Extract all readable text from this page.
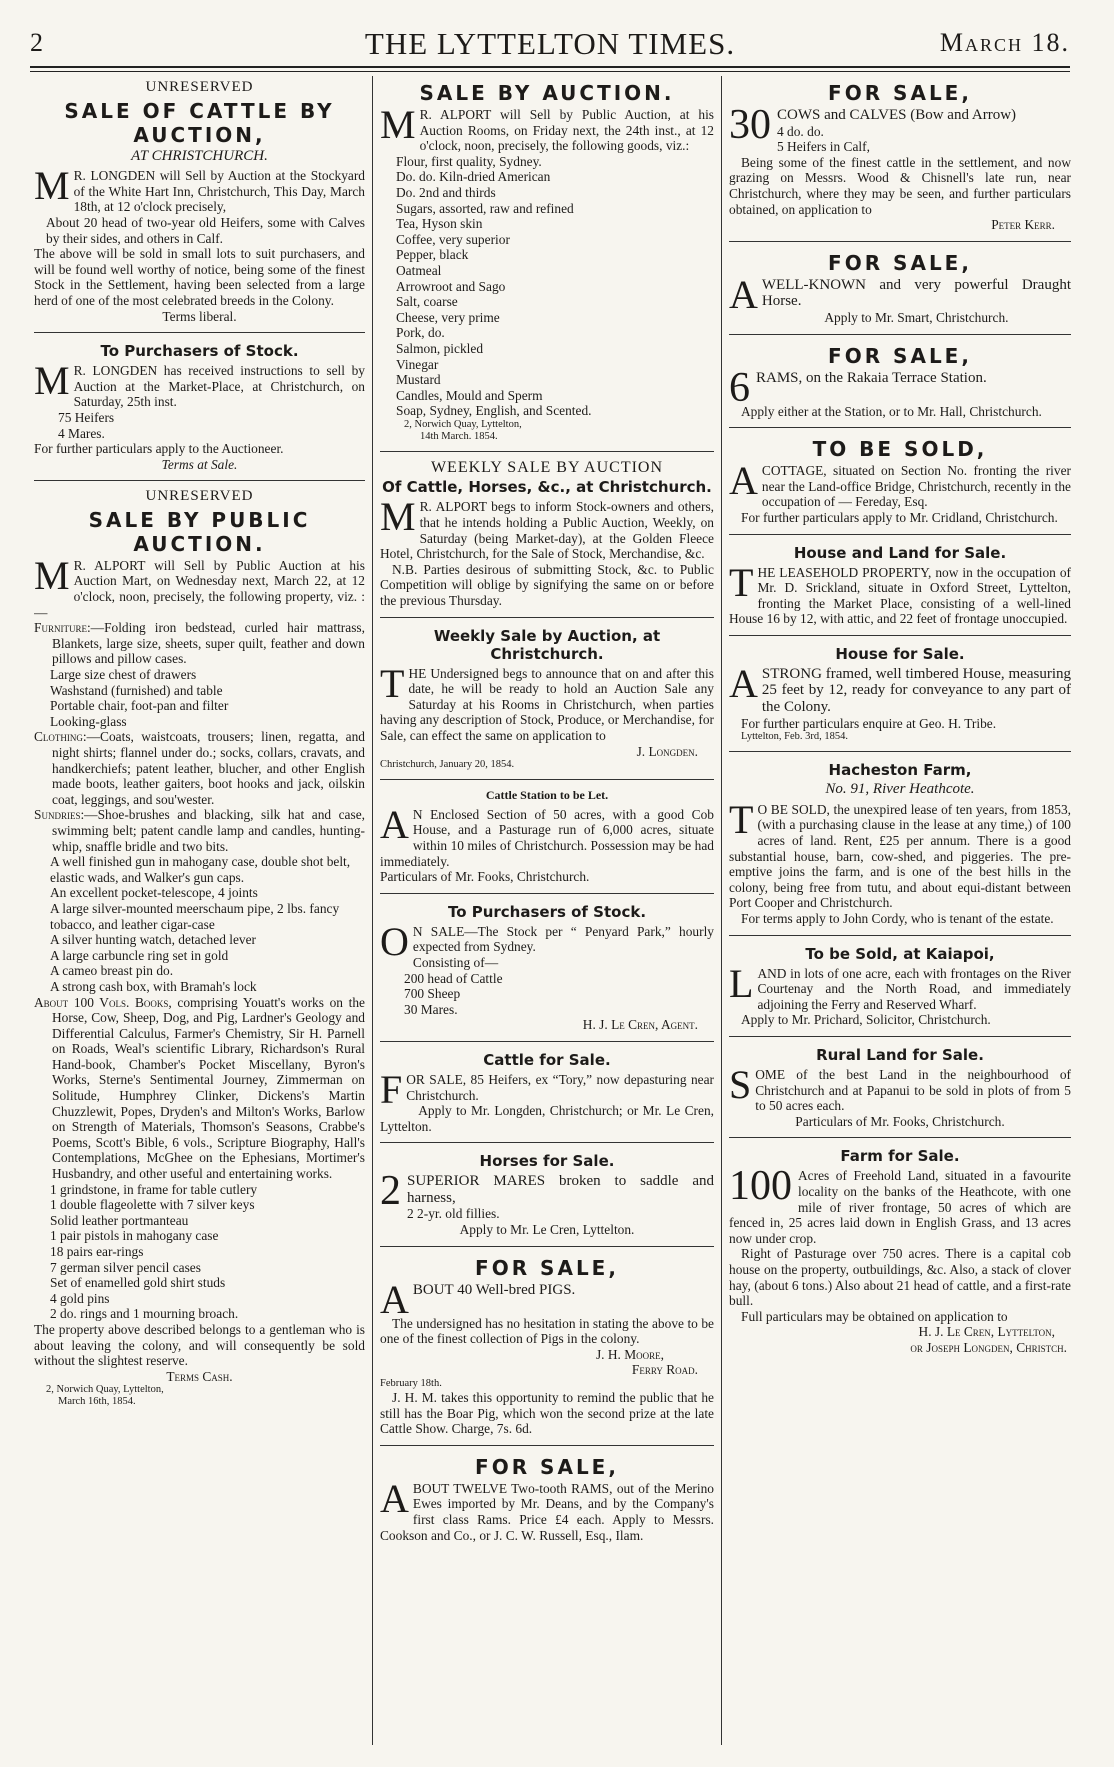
2	THE LYTTELTON TIMES.	March 18.
UNRESERVED
SALE OF CATTLE BY AUCTION,
AT CHRISTCHURCH.

M R. LONGDEN will Sell by Auction at the Stockyard of the White Hart Inn, Christchurch, This Day, March 18th, at 12 o'clock precisely,

About 20 head of two-year old Heifers, some with Calves by their sides, and others in Calf.

The above will be sold in small lots to suit purchasers, and will be found well worthy of notice, being some of the finest Stock in the Settlement, having been selected from a large herd of one of the most celebrated breeds in the Colony.

Terms liberal.

To Purchasers of Stock.

M R. LONGDEN has received instructions to sell by Auction at the Market-Place, at Christchurch, on Saturday, 25th inst.

75 Heifers
4 Mares.

For further particulars apply to the Auctioneer.

Terms at Sale.

UNRESERVED
SALE BY PUBLIC AUCTION.

M R. ALPORT will Sell by Public Auction at his Auction Mart, on Wednesday next, March 22, at 12 o'clock, noon, precisely, the following property, viz. :—

Furniture:—Folding iron bedstead, curled hair mattrass, Blankets, large size, sheets, super quilt, feather and down pillows and pillow cases.

Large size chest of drawers
Washstand (furnished) and table
Portable chair, foot-pan and filter
Looking-glass

Clothing:—Coats, waistcoats, trousers; linen, regatta, and night shirts; flannel under do.; socks, collars, cravats, and handkerchiefs; patent leather, blucher, and other English made boots, leather gaiters, boot hooks and jack, oilskin coat, leggings, and sou'wester.

Sundries:—Shoe-brushes and blacking, silk hat and case, swimming belt; patent candle lamp and candles, hunting-whip, snaffle bridle and two bits.

A well finished gun in mahogany case, double shot belt, elastic wads, and Walker's gun caps.
An excellent pocket-telescope, 4 joints
A large silver-mounted meerschaum pipe, 2 lbs. fancy tobacco, and leather cigar-case
A silver hunting watch, detached lever
A large carbuncle ring set in gold
A cameo breast pin do.
A strong cash box, with Bramah's lock

About 100 Vols. Books, comprising Youatt's works on the Horse, Cow, Sheep, Dog, and Pig, Lardner's Geology and Differential Calculus, Farmer's Chemistry, Sir H. Parnell on Roads, Weal's scientific Library, Richardson's Rural Hand-book, Chamber's Pocket Miscellany, Byron's Works, Sterne's Sentimental Journey, Zimmerman on Solitude, Humphrey Clinker, Dickens's Martin Chuzzlewit, Popes, Dryden's and Milton's Works, Barlow on Strength of Materials, Thomson's Seasons, Crabbe's Poems, Scott's Bible, 6 vols., Scripture Biography, Hall's Contemplations, McGhee on the Ephesians, Mortimer's Husbandry, and other useful and entertaining works.

1 grindstone, in frame for table cutlery
1 double flageolette with 7 silver keys
Solid leather portmanteau
1 pair pistols in mahogany case
18 pairs ear-rings
7 german silver pencil cases
Set of enamelled gold shirt studs
4 gold pins
2 do. rings and 1 mourning broach.

The property above described belongs to a gentleman who is about leaving the colony, and will consequently be sold without the slightest reserve.

Terms Cash.

2, Norwich Quay, Lyttelton,
March 16th, 1854.
SALE BY AUCTION.

M R. ALPORT will Sell by Public Auction, at his Auction Rooms, on Friday next, the 24th inst., at 12 o'clock, noon, precisely, the following goods, viz.:

Flour, first quality, Sydney.
Do. do. Kiln-dried American
Do. 2nd and thirds
Sugars, assorted, raw and refined
Tea, Hyson skin
Coffee, very superior
Pepper, black
Oatmeal
Arrowroot and Sago
Salt, coarse
Cheese, very prime
Pork, do.
Salmon, pickled
Vinegar
Mustard
Candles, Mould and Sperm
Soap, Sydney, English, and Scented.
2, Norwich Quay, Lyttelton,
14th March. 1854.
WEEKLY SALE BY AUCTION
Of Cattle, Horses, &c., at Christchurch.

M R. ALPORT begs to inform Stock-owners and others, that he intends holding a Public Auction, Weekly, on Saturday (being Market-day), at the Golden Fleece Hotel, Christchurch, for the Sale of Stock, Merchandise, &c.

N.B. Parties desirous of submitting Stock, &c. to Public Competition will oblige by signifying the same on or before the previous Thursday.

Weekly Sale by Auction, at Christchurch.

THE Undersigned begs to announce that on and after this date, he will be ready to hold an Auction Sale any Saturday at his Rooms in Christchurch, when parties having any description of Stock, Produce, or Merchandise, for Sale, can effect the same on application to

J. Longden.
Christchurch, January 20, 1854.
Cattle Station to be Let.

A N Enclosed Section of 50 acres, with a good Cob House, and a Pasturage run of 6,000 acres, situate within 10 miles of Christchurch. Possession may be had immediately.

Particulars of Mr. Fooks, Christchurch.

To Purchasers of Stock.

O N SALE—The Stock per “ Penyard Park,” hourly expected from Sydney.

Consisting of—
200 head of Cattle
700 Sheep
30 Mares.
H. J. Le Cren, Agent.
Cattle for Sale.

FOR SALE, 85 Heifers, ex “Tory,” now depasturing near Christchurch.

Apply to Mr. Longden, Christchurch; or Mr. Le Cren, Lyttelton.

Horses for Sale.

2 SUPERIOR MARES broken to saddle and harness,

2 2-yr. old fillies.

Apply to Mr. Le Cren, Lyttelton.

FOR SALE,

ABOUT 40 Well-bred PIGS.

The undersigned has no hesitation in stating the above to be one of the finest collection of Pigs in the colony.

J. H. Moore,
Ferry Road.
February 18th.

J. H. M. takes this opportunity to remind the public that he still has the Boar Pig, which won the second prize at the late Cattle Show. Charge, 7s. 6d.

FOR SALE,

ABOUT TWELVE Two-tooth RAMS, out of the Merino Ewes imported by Mr. Deans, and by the Company's first class Rams. Price £4 each. Apply to Messrs. Cookson and Co., or J. C. W. Russell, Esq., Ilam.

FOR SALE,

30 COWS and CALVES (Bow and Arrow)

4 do. do.
5 Heifers in Calf,

Being some of the finest cattle in the settlement, and now grazing on Messrs. Wood & Chisnell's late run, near Christchurch, where they may be seen, and further particulars obtained, on application to

Peter Kerr.
FOR SALE,

AWELL-KNOWN and very powerful Draught Horse.

Apply to Mr. Smart, Christchurch.

FOR SALE,

6 RAMS, on the Rakaia Terrace Station.

Apply either at the Station, or to Mr. Hall, Christchurch.

TO BE SOLD,

ACOTTAGE, situated on Section No. fronting the river near the Land-office Bridge, Christchurch, recently in the occupation of — Fereday, Esq.

For further particulars apply to Mr. Cridland, Christchurch.

House and Land for Sale.

THE LEASEHOLD PROPERTY, now in the occupation of Mr. D. Srickland, situate in Oxford Street, Lyttelton, fronting the Market Place, consisting of a well-lined House 16 by 12, with attic, and 22 feet of frontage unoccupied.

House for Sale.

ASTRONG framed, well timbered House, measuring 25 feet by 12, ready for conveyance to any part of the Colony.

For further particulars enquire at Geo. H. Tribe.

Lyttelton, Feb. 3rd, 1854.
Hacheston Farm,
No. 91, River Heathcote.

T O BE SOLD, the unexpired lease of ten years, from 1853, (with a purchasing clause in the lease at any time,) of 100 acres of land. Rent, £25 per annum. There is a good substantial house, barn, cow-shed, and piggeries. The pre-emptive joins the farm, and is one of the best hills in the colony, being free from tutu, and about equi-distant between Port Cooper and Christchurch.

For terms apply to John Cordy, who is tenant of the estate.

To be Sold, at Kaiapoi,

LAND in lots of one acre, each with frontages on the River Courtenay and the North Road, and immediately adjoining the Ferry and Reserved Wharf.

Apply to Mr. Prichard, Solicitor, Christchurch.

Rural Land for Sale.

SOME of the best Land in the neighbourhood of Christchurch and at Papanui to be sold in plots of from 5 to 50 acres each.

Particulars of Mr. Fooks, Christchurch.

Farm for Sale.

100 Acres of Freehold Land, situated in a favourite locality on the banks of the Heathcote, with one mile of river frontage, 50 acres of which are fenced in, 25 acres laid down in English Grass, and 13 acres now under crop.

Right of Pasturage over 750 acres. There is a capital cob house on the property, outbuildings, &c. Also, a stack of clover hay, (about 6 tons.) Also about 21 head of cattle, and a first-rate bull.

Full particulars may be obtained on application to

H. J. Le Cren, Lyttelton,
or Joseph Longden, Christch.
